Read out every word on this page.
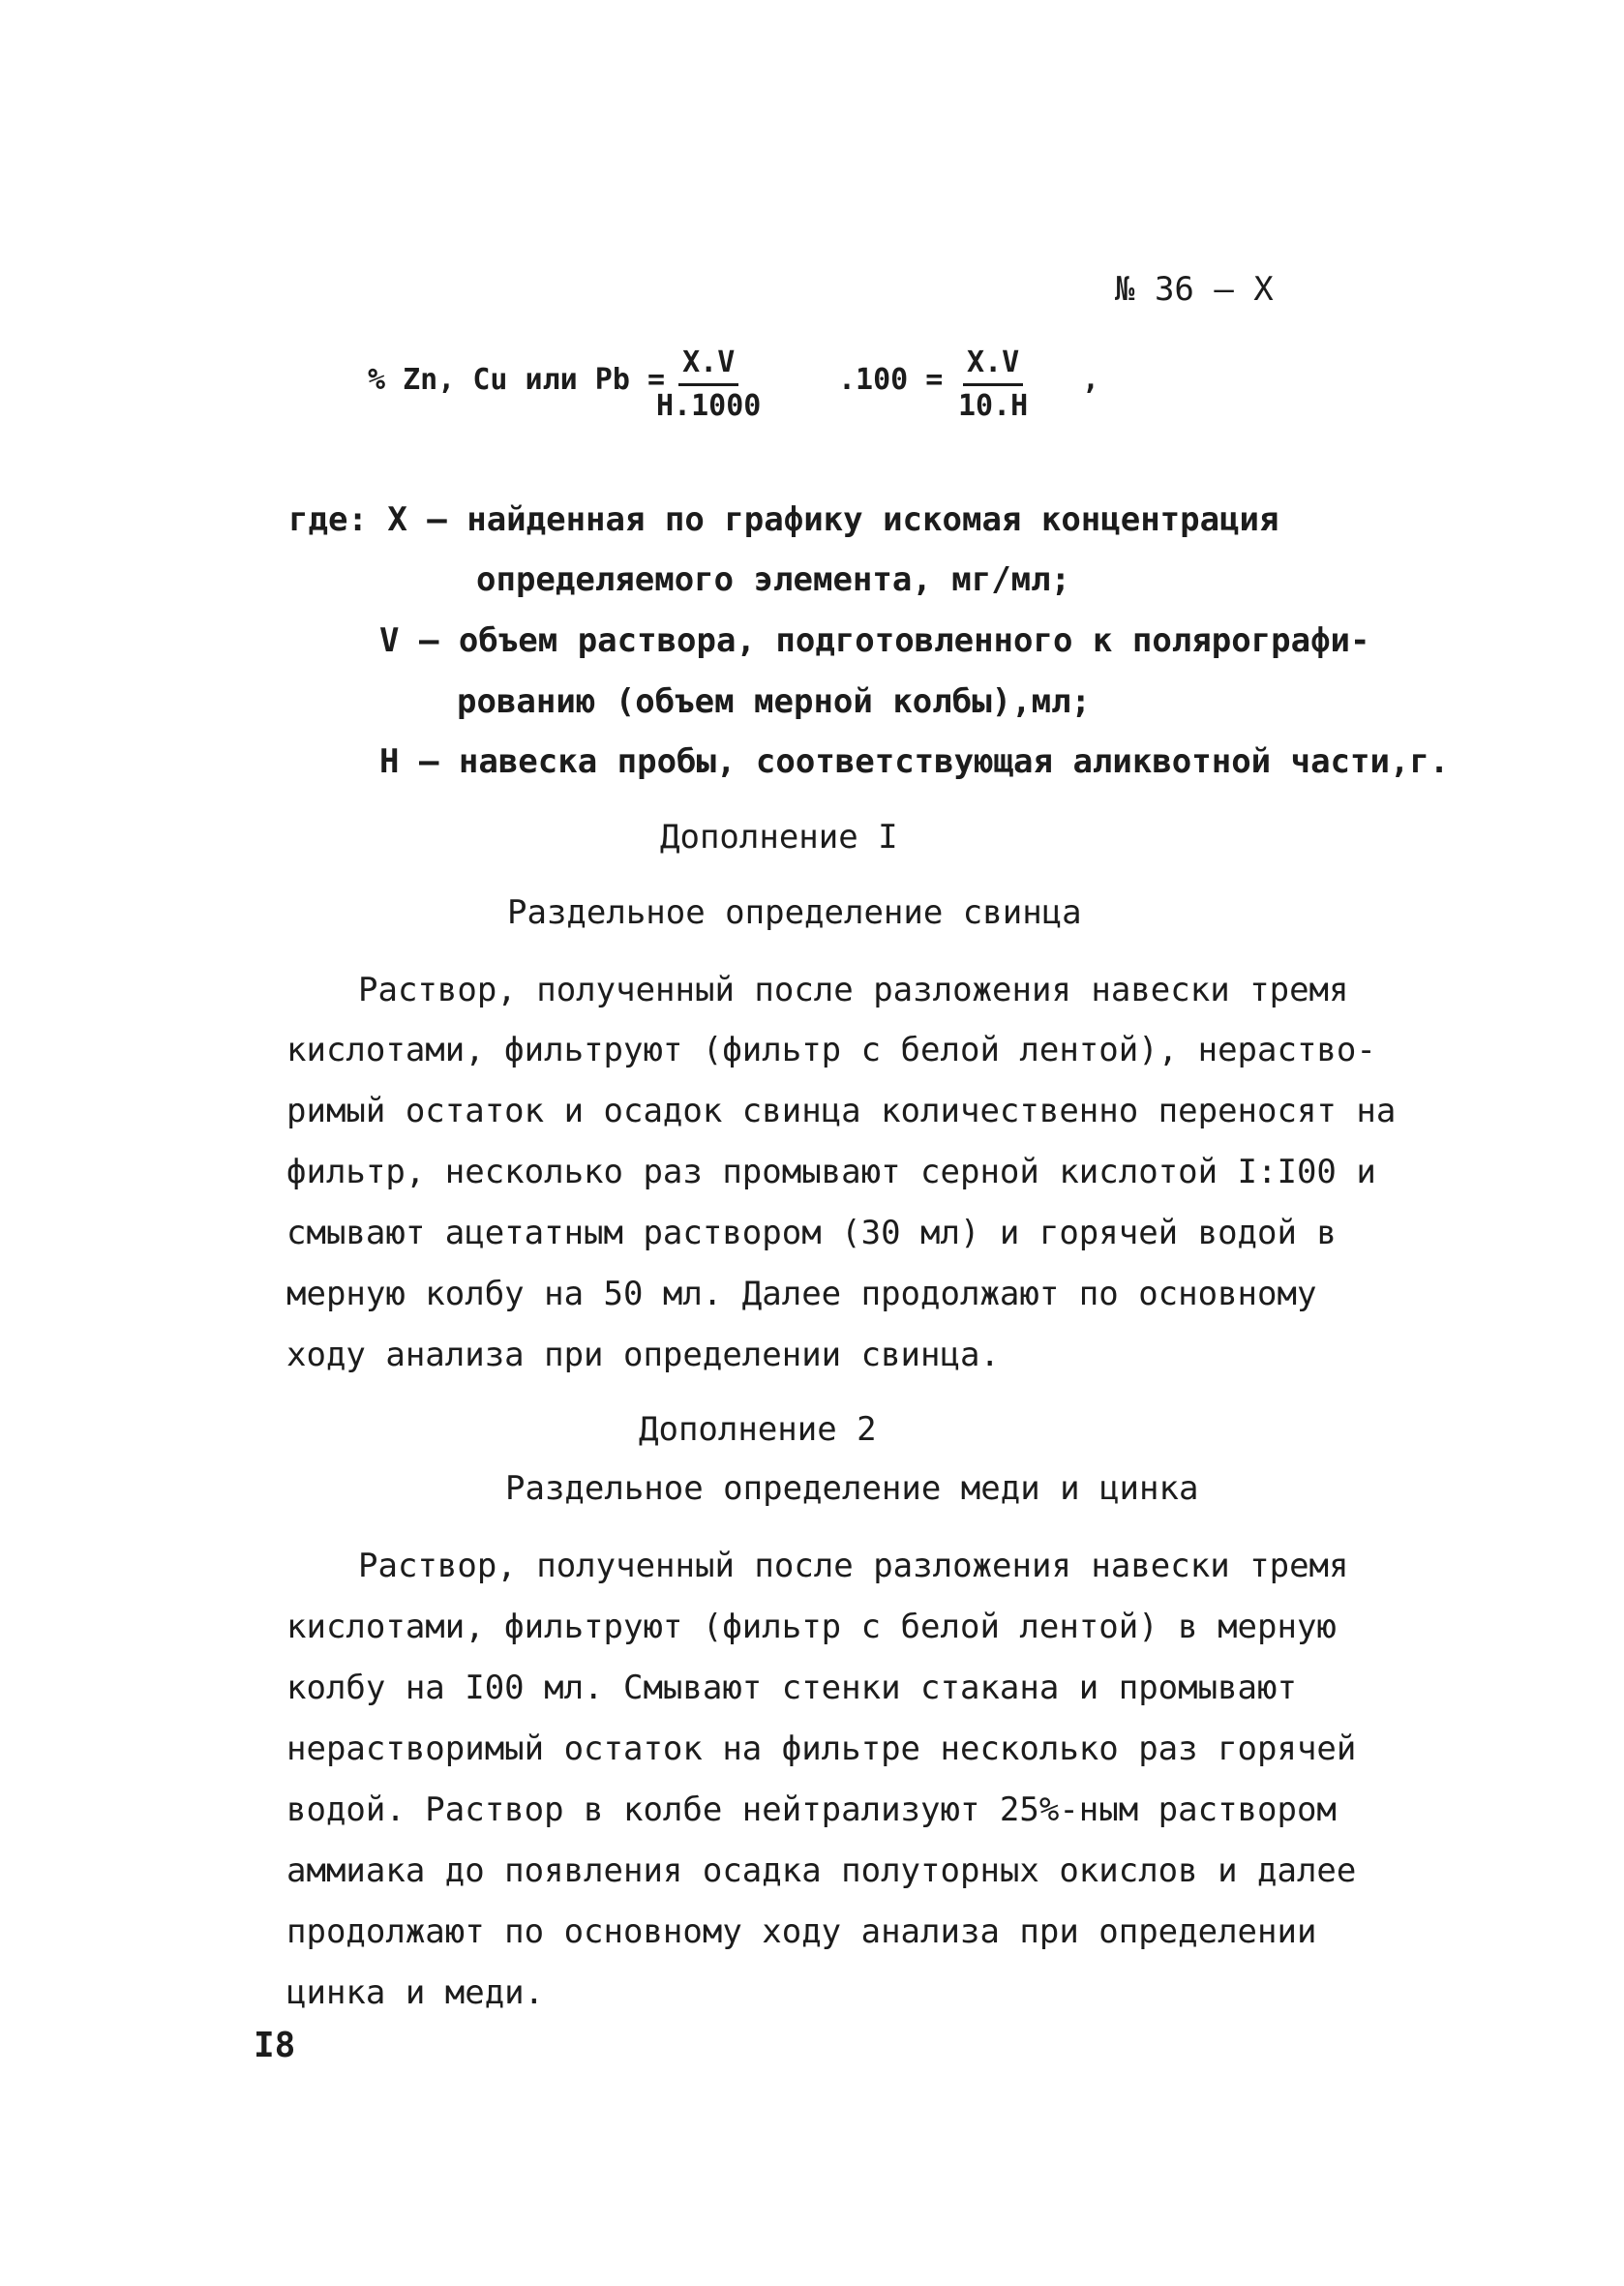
№ 36 – X
% Zn, Cu или Pb =
$\frac{X.V}{H.1000}$	$.100 = \frac{X.V}{10.H}$ ,
где: X – найденная по графику искомая концентрация
определяемого элемента, мг/мл;
V – объем раствора, подготовленного к полярографи-
рованию (объем мерной колбы),мл;
H – навеска пробы, соответствующая аликвотной части,г.
Дополнение I
Раздельное определение свинца
Раствор, полученный после разложения навески тремя
кислотами, фильтруют (фильтр с белой лентой), нераство-
римый остаток и осадок свинца количественно переносят на
фильтр, несколько раз промывают серной кислотой I:I00 и
смывают ацетатным раствором (30 мл) и горячей водой в
мерную колбу на 50 мл. Далее продолжают по основному
ходу анализа при определении свинца.
Дополнение 2
Раздельное определение меди и цинка
Раствор, полученный после разложения навески тремя
кислотами, фильтруют (фильтр с белой лентой) в мерную
колбу на I00 мл. Смывают стенки стакана и промывают
нерастворимый остаток на фильтре несколько раз горячей
водой. Раствор в колбе нейтрализуют 25%-ным раствором
аммиака до появления осадка полуторных окислов и далее
продолжают по основному ходу анализа при определении
цинка и меди.
I8
